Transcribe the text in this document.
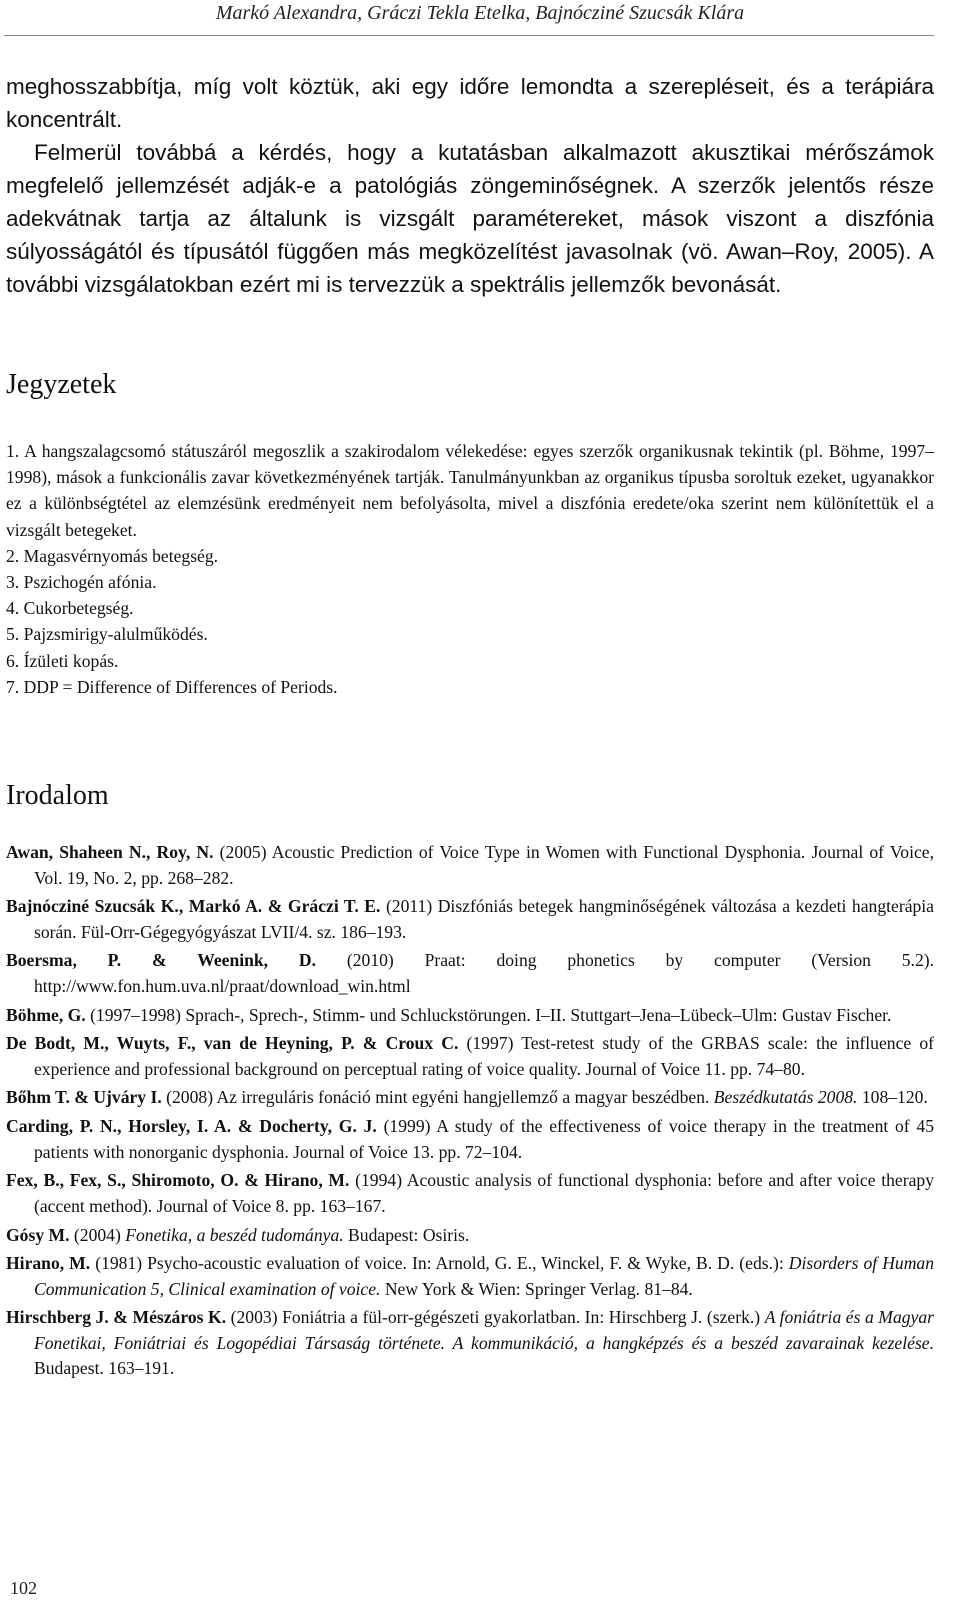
Markó Alexandra, Gráczi Tekla Etelka, Bajnócziné Szucsák Klára

meghosszabbítja, míg volt köztük, aki egy időre lemondta a szerepléseit, és a terápiára koncentrált.

Felmerül továbbá a kérdés, hogy a kutatásban alkalmazott akusztikai mérőszámok megfelelő jellemzését adják-e a patológiás zöngeminőségnek. A szerzők jelentős része adekvátnak tartja az általunk is vizsgált paramétereket, mások viszont a diszfónia súlyosságától és típusától függően más megközelítést javasolnak (vö. Awan–Roy, 2005). A további vizsgálatokban ezért mi is tervezzük a spektrális jellemzők bevonását.

Jegyzetek

1. A hangszalagcsomó státuszáról megoszlik a szakirodalom vélekedése: egyes szerzők organikusnak tekintik (pl. Böhme, 1997–1998), mások a funkcionális zavar következményének tartják. Tanulmányunkban az organikus típusba soroltuk ezeket, ugyanakkor ez a különbségtétel az elemzésünk eredményeit nem befolyásolta, mivel a diszfónia eredete/oka szerint nem különítettük el a vizsgált betegeket.

2. Magasvérnyomás betegség.

3. Pszichogén afónia.

4. Cukorbetegség.

5. Pajzsmirigy-alulműködés.

6. Ízületi kopás.

7. DDP = Difference of Differences of Periods.

Irodalom

Awan, Shaheen N., Roy, N. (2005) Acoustic Prediction of Voice Type in Women with Functional Dysphonia. Journal of Voice, Vol. 19, No. 2, pp. 268–282.

Bajnócziné Szucsák K., Markó A. & Gráczi T. E. (2011) Diszfóniás betegek hangminőségének változása a kezdeti hangterápia során. Fül-Orr-Gégegyógyászat LVII/4. sz. 186–193.

Boersma, P. & Weenink, D. (2010) Praat: doing phonetics by computer (Version 5.2). http://www.fon.hum.uva.nl/praat/download_win.html

Böhme, G. (1997–1998) Sprach-, Sprech-, Stimm- und Schluckstörungen. I–II. Stuttgart–Jena–Lübeck–Ulm: Gustav Fischer.

De Bodt, M., Wuyts, F., van de Heyning, P. & Croux C. (1997) Test-retest study of the GRBAS scale: the influence of experience and professional background on perceptual rating of voice quality. Journal of Voice 11. pp. 74–80.

Bőhm T. & Ujváry I. (2008) Az irreguláris fonáció mint egyéni hangjellemző a magyar beszédben. Beszédkutatás 2008. 108–120.

Carding, P. N., Horsley, I. A. & Docherty, G. J. (1999) A study of the effectiveness of voice therapy in the treatment of 45 patients with nonorganic dysphonia. Journal of Voice 13. pp. 72–104.

Fex, B., Fex, S., Shiromoto, O. & Hirano, M. (1994) Acoustic analysis of functional dysphonia: before and after voice therapy (accent method). Journal of Voice 8. pp. 163–167.

Gósy M. (2004) Fonetika, a beszéd tudománya. Budapest: Osiris.

Hirano, M. (1981) Psycho-acoustic evaluation of voice. In: Arnold, G. E., Winckel, F. & Wyke, B. D. (eds.): Disorders of Human Communication 5, Clinical examination of voice. New York & Wien: Springer Verlag. 81–84.

Hirschberg J. & Mészáros K. (2003) Foniátria a fül-orr-gégészeti gyakorlatban. In: Hirschberg J. (szerk.) A foniátria és a Magyar Fonetikai, Foniátriai és Logopédiai Társaság története. A kommunikáció, a hangképzés és a beszéd zavarainak kezelése. Budapest. 163–191.

102
